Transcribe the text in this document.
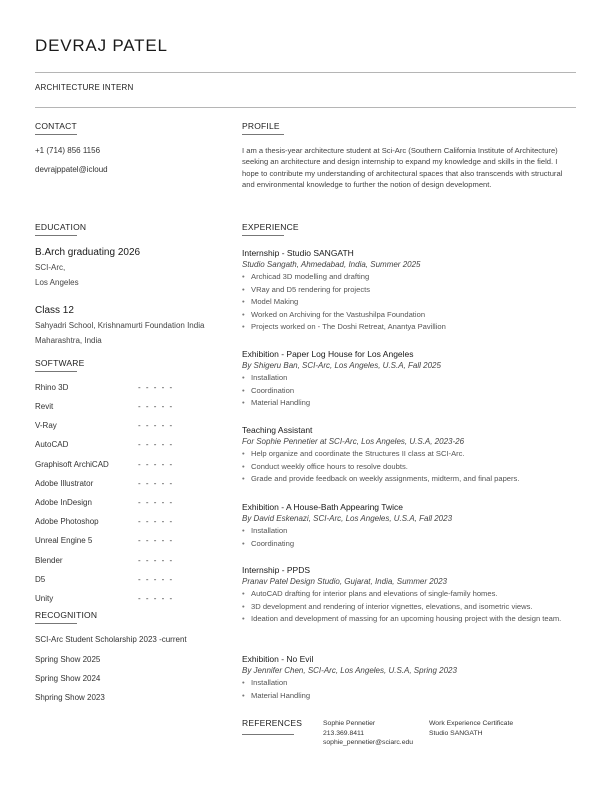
DEVRAJ PATEL
ARCHITECTURE INTERN
CONTACT
+1 (714) 856 1156
devrajppatel@icloud
PROFILE
I am a thesis-year architecture student at Sci-Arc (Southern California Institute of Architecture) seeking an architecture and design internship to expand my knowledge and skills in the field. I hope to contribute my understanding of architectural spaces that also transcends with structural and environmental knowledge to further the notion of design development.
EDUCATION
B.Arch graduating 2026
SCI-Arc,
Los Angeles
Class 12
Sahyadri School, Krishnamurti Foundation India
Maharashtra, India
SOFTWARE
Rhino 3D	- - - - -
Revit	- - - - -
V-Ray	- - - - -
AutoCAD	- - - - -
Graphisoft ArchiCAD	- - - - -
Adobe Illustrator	- - - - -
Adobe InDesign	- - - - -
Adobe Photoshop	- - - - -
Unreal Engine 5	- - - - -
Blender	- - - - -
D5	- - - - -
Unity	- - - - -
RECOGNITION
SCI-Arc Student Scholarship 2023 -current
Spring Show 2025
Spring Show 2024
Shpring Show 2023
EXPERIENCE
Internship - Studio SANGATH
Studio Sangath, Ahmedabad, India, Summer 2025
• Archicad 3D modelling and drafting
• VRay and D5 rendering for projects
• Model Making
• Worked on Archiving for the Vastushilpa Foundation
• Projects worked on - The Doshi Retreat, Anantya Pavillion
Exhibition - Paper Log House for Los Angeles
By Shigeru Ban, SCI-Arc, Los Angeles, U.S.A, Fall 2025
• Installation
• Coordination
• Material Handling
Teaching Assistant
For Sophie Pennetier at SCI-Arc, Los Angeles, U.S.A, 2023-26
• Help organize and coordinate the Structures II class at SCI-Arc.
• Conduct weekly office hours to resolve doubts.
• Grade and provide feedback on weekly assignments, midterm, and final papers.
Exhibition - A House-Bath Appearing Twice
By David Eskenazi, SCI-Arc, Los Angeles, U.S.A, Fall 2023
• Installation
• Coordinating
Internship - PPDS
Pranav Patel Design Studio, Gujarat, India, Summer 2023
• AutoCAD drafting for interior plans and elevations of single-family homes.
• 3D development and rendering of interior vignettes, elevations, and isometric views.
• Ideation and development of massing for an upcoming housing project with the design team.
Exhibition - No Evil
By Jennifer Chen, SCI-Arc, Los Angeles, U.S.A, Spring 2023
• Installation
• Material Handling
REFERENCES	Sophie Pennetier
213.369.8411
sophie_pennetier@sciarc.edu
Work Experience Certificate
Studio SANGATH
